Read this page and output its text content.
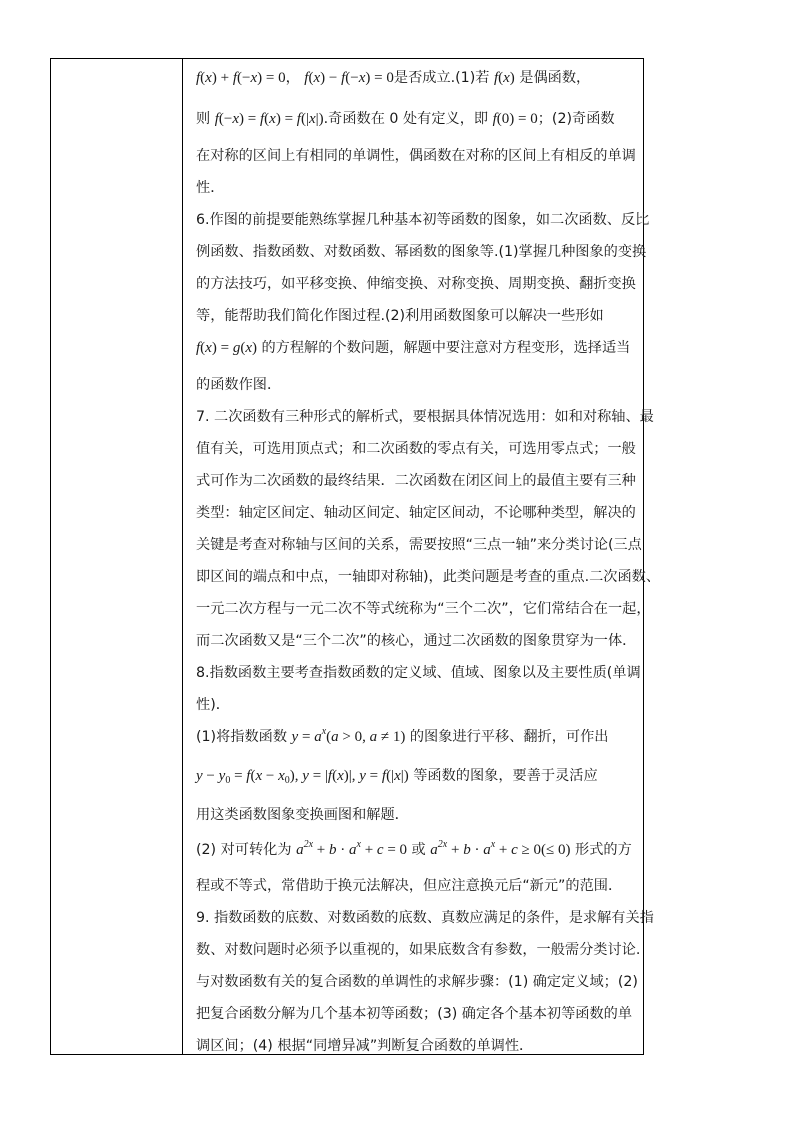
f(x) + f(−x) = 0， f(x) − f(−x) = 0是否成立.(1)若 f(x) 是偶函数，
则 f(−x) = f(x) = f(|x|).奇函数在 0 处有定义，即 f(0) = 0；(2)奇函数
在对称的区间上有相同的单调性，偶函数在对称的区间上有相反的单调
性．
6.作图的前提要能熟练掌握几种基本初等函数的图象，如二次函数、反比
例函数、指数函数、对数函数、幂函数的图象等.(1)掌握几种图象的变换
的方法技巧，如平移变换、伸缩变换、对称变换、周期变换、翻折变换
等，能帮助我们简化作图过程.(2)利用函数图象可以解决一些形如
f(x) = g(x) 的方程解的个数问题，解题中要注意对方程变形，选择适当
的函数作图．
7. 二次函数有三种形式的解析式，要根据具体情况选用：如和对称轴、最
值有关，可选用顶点式；和二次函数的零点有关，可选用零点式；一般
式可作为二次函数的最终结果．二次函数在闭区间上的最值主要有三种
类型：轴定区间定、轴动区间定、轴定区间动，不论哪种类型，解决的
关键是考查对称轴与区间的关系，需要按照“三点一轴”来分类讨论(三点
即区间的端点和中点，一轴即对称轴)，此类问题是考查的重点.二次函数、
一元二次方程与一元二次不等式统称为“三个二次”，它们常结合在一起，
而二次函数又是“三个二次”的核心，通过二次函数的图象贯穿为一体．
8.指数函数主要考查指数函数的定义域、值域、图象以及主要性质(单调
性)．
(1)将指数函数 $y = a^x(a > 0$, a ≠ 1) 的图象进行平移、翻折，可作出
$y - y_0 = f(x - x_0)$, y = |f(x)|, y = f(|x|) 等函数的图象，要善于灵活应
用这类函数图象变换画图和解题．
(2) 对可转化为 $a^{2x} + b \cdot a^x + c = 0$ 或 $a^{2x} + b \cdot a^x + c \ge 0(\le 0)$ 形式的方
程或不等式，常借助于换元法解决，但应注意换元后“新元”的范围．
9. 指数函数的底数、对数函数的底数、真数应满足的条件，是求解有关指
数、对数问题时必须予以重视的，如果底数含有参数，一般需分类讨论.
与对数函数有关的复合函数的单调性的求解步骤：(1) 确定定义域；(2)
把复合函数分解为几个基本初等函数；(3) 确定各个基本初等函数的单
调区间；(4) 根据“同增异减”判断复合函数的单调性．
